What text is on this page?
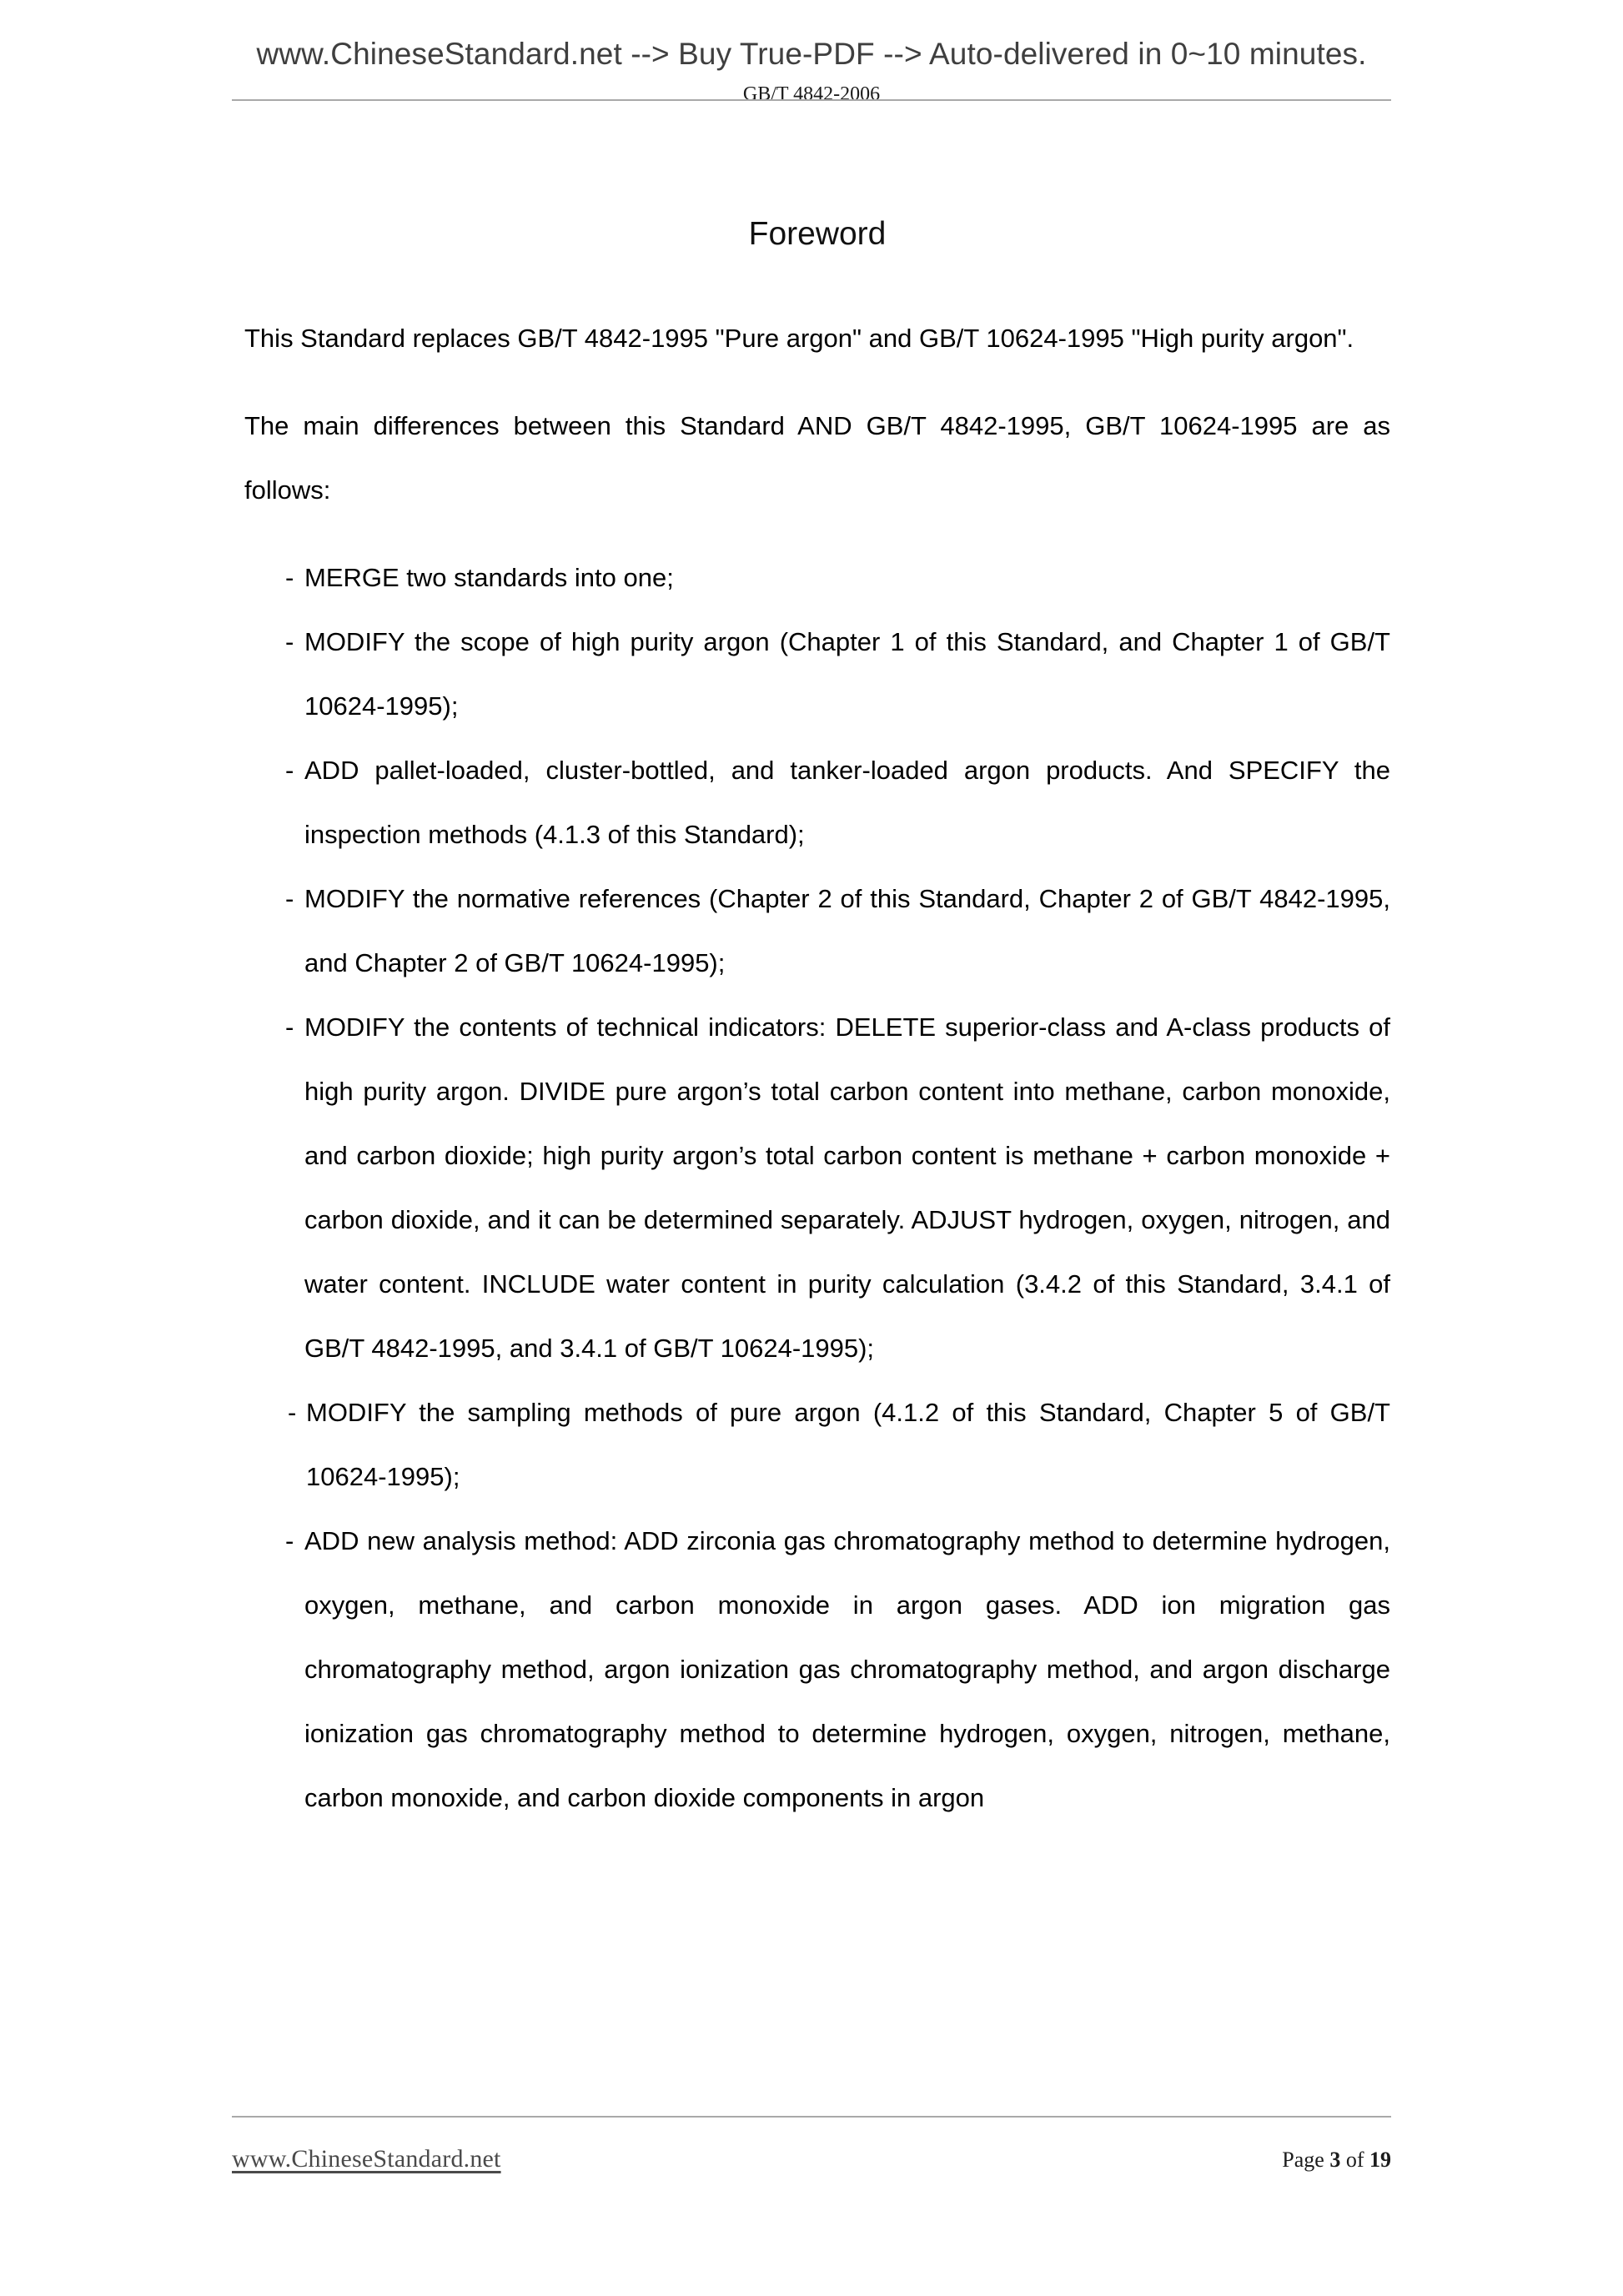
www.ChineseStandard.net --> Buy True-PDF --> Auto-delivered in 0~10 minutes.
GB/T 4842-2006
Foreword

This Standard replaces GB/T 4842-1995 "Pure argon" and GB/T 10624-1995 "High purity argon".

The main differences between this Standard AND GB/T 4842-1995, GB/T 10624-1995 are as follows:

- MERGE two standards into one;
- MODIFY the scope of high purity argon (Chapter 1 of this Standard, and Chapter 1 of GB/T 10624-1995);
- ADD pallet-loaded, cluster-bottled, and tanker-loaded argon products. And SPECIFY the inspection methods (4.1.3 of this Standard);
- MODIFY the normative references (Chapter 2 of this Standard, Chapter 2 of GB/T 4842-1995, and Chapter 2 of GB/T 10624-1995);
- MODIFY the contents of technical indicators: DELETE superior-class and A-class products of high purity argon. DIVIDE pure argon’s total carbon content into methane, carbon monoxide, and carbon dioxide; high purity argon’s total carbon content is methane + carbon monoxide + carbon dioxide, and it can be determined separately. ADJUST hydrogen, oxygen, nitrogen, and water content. INCLUDE water content in purity calculation (3.4.2 of this Standard, 3.4.1 of GB/T 4842-1995, and 3.4.1 of GB/T 10624-1995);
- MODIFY the sampling methods of pure argon (4.1.2 of this Standard, Chapter 5 of GB/T 10624-1995);
- ADD new analysis method: ADD zirconia gas chromatography method to determine hydrogen, oxygen, methane, and carbon monoxide in argon gases. ADD ion migration gas chromatography method, argon ionization gas chromatography method, and argon discharge ionization gas chromatography method to determine hydrogen, oxygen, nitrogen, methane, carbon monoxide, and carbon dioxide components in argon
www.ChineseStandard.net	Page 3 of 19
